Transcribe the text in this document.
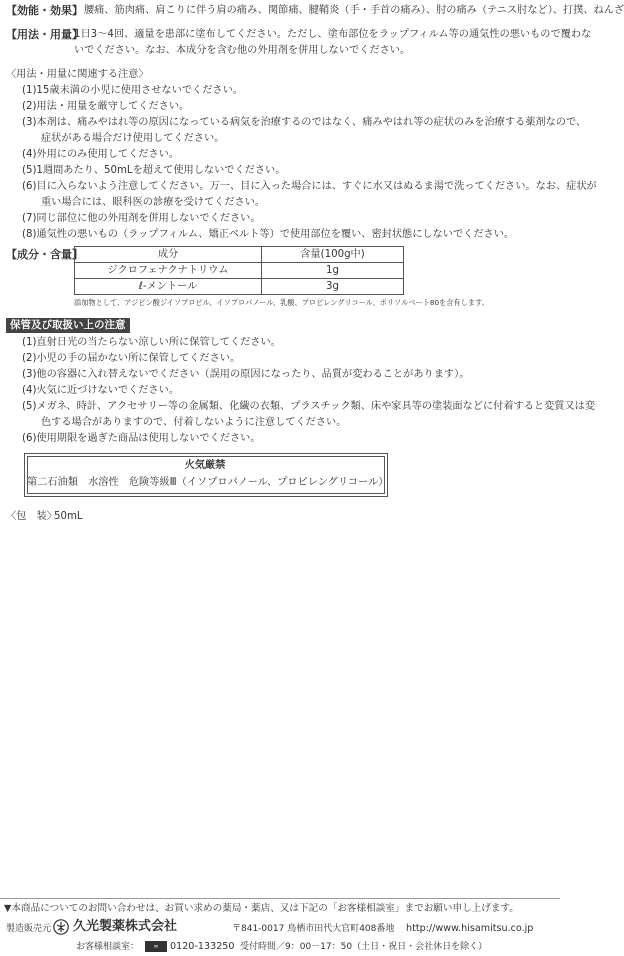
【効能・効果】 腰痛、筋肉痛、肩こりに伴う肩の痛み、関節痛、腱鞘炎（手・手首の痛み）、肘の痛み（テニス肘など）、打撲、ねんざ
【用法・用量】
1日3～4回、適量を患部に塗布してください。ただし、塗布部位をラップフィルム等の通気性の悪いもので覆わな
いでください。なお、本成分を含む他の外用剤を併用しないでください。
〈用法・用量に関連する注意〉
(1)15歳未満の小児に使用させないでください。
(2)用法・用量を厳守してください。
(3)本剤は、痛みやはれ等の原因になっている病気を治療するのではなく、痛みやはれ等の症状のみを治療する薬剤なので、
症状がある場合だけ使用してください。
(4)外用にのみ使用してください。
(5)1週間あたり、50mLを超えて使用しないでください。
(6)目に入らないよう注意してください。万一、目に入った場合には、すぐに水又はぬるま湯で洗ってください。なお、症状が
重い場合には、眼科医の診療を受けてください。
(7)同じ部位に他の外用剤を併用しないでください。
(8)通気性の悪いもの（ラップフィルム、矯正ベルト等）で使用部位を覆い、密封状態にしないでください。
【成分・含量】	成分	含量(100g中)
ジクロフェナクナトリウム	1g
ℓ-メントール	3g
添加物として、アジピン酸ジイソプロピル、イソプロパノール、乳酸、プロピレングリコール、ポリソルベート80を含有します。
保管及び取扱い上の注意
(1)直射日光の当たらない涼しい所に保管してください。
(2)小児の手の届かない所に保管してください。
(3)他の容器に入れ替えないでください（誤用の原因になったり、品質が変わることがあります）。
(4)火気に近づけないでください。
(5)メガネ、時計、アクセサリー等の金属類、化繊の衣類、プラスチック類、床や家具等の塗装面などに付着すると変質又は変
色する場合がありますので、付着しないように注意してください。
(6)使用期限を過ぎた商品は使用しないでください。
火気厳禁
第二石油類　水溶性　危険等級Ⅲ（イソプロパノール、プロピレングリコール）
〈包　装〉
50mL
▼本商品についてのお問い合わせは、お買い求めの薬局・薬店、又は下記の「お客様相談室」までお願い申し上げます。
製造販売元 久光製薬株式会社	〒841-0017 鳥栖市田代大官町408番地 http://www.hisamitsu.co.jp
お客様相談室：	∞	0120-133250 受付時間／9：00－17：50（土日・祝日・会社休日を除く）
